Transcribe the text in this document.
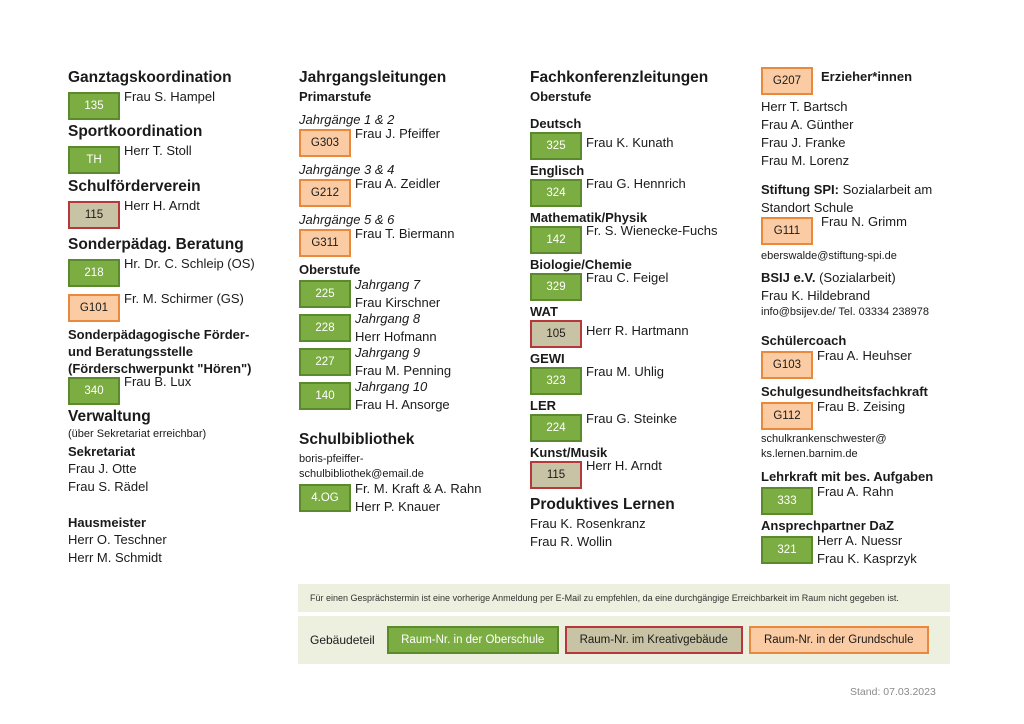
Ganztagskoordination
135
Frau S. Hampel
Sportkoordination
TH
Herr T. Stoll
Schulförderverein
115
Herr H. Arndt
Sonderpädag. Beratung
218
Hr. Dr. C. Schleip (OS)
G101
Fr. M. Schirmer (GS)
Sonderpädagogische Förder-
und Beratungsstelle
(Förderschwerpunkt "Hören")
340
Frau B. Lux
Verwaltung
(über Sekretariat erreichbar)
Sekretariat
Frau J. Otte
Frau S. Rädel
Hausmeister
Herr O. Teschner
Herr M. Schmidt
Jahrgangsleitungen
Primarstufe
Jahrgänge 1 & 2
G303
Frau J. Pfeiffer
Jahrgänge 3 & 4
G212
Frau A. Zeidler
Jahrgänge 5 & 6
G311
Frau T. Biermann
Oberstufe
225
Jahrgang 7
Frau Kirschner
228
Jahrgang 8
Herr Hofmann
227
Jahrgang 9
Frau M. Penning
140
Jahrgang 10
Frau H. Ansorge
Schulbibliothek
boris-pfeiffer-
schulbibliothek@email.de
4.OG
Fr. M. Kraft & A. Rahn
Herr P. Knauer
Fachkonferenzleitungen
Oberstufe
Deutsch
325	Frau K. Kunath
Englisch
324
Frau G. Hennrich
Mathematik/Physik
142
Fr. S. Wienecke-Fuchs
Biologie/Chemie
329
Frau C. Feigel
WAT
105	Herr R. Hartmann
GEWI
323
Frau M. Uhlig
LER
224
Frau G. Steinke
Kunst/Musik
115
Herr H. Arndt
Produktives Lernen
Frau K. Rosenkranz
Frau R. Wollin
G207	Erzieher*innen
Herr T. Bartsch
Frau A. Günther
Frau J. Franke
Frau M. Lorenz
Stiftung SPI: Sozialarbeit am
Standort Schule
G111
Frau N. Grimm
eberswalde@stiftung-spi.de
BSIJ e.V. (Sozialarbeit)
Frau K. Hildebrand
info@bsijev.de/ Tel. 03334 238978
Schülercoach
G103
Frau A. Heuhser
Schulgesundheitsfachkraft
G112
Frau B. Zeising
schulkrankenschwester@
ks.lernen.barnim.de
Lehrkraft mit bes. Aufgaben
333
Frau A. Rahn
Ansprechpartner DaZ
321
Herr A. Nuessr
Frau K. Kasprzyk
Für einen Gesprächstermin ist eine vorherige Anmeldung per E-Mail zu empfehlen, da eine durchgängige Erreichbarkeit im Raum nicht gegeben ist.
Gebäudeteil	Raum-Nr. in der Oberschule	Raum-Nr. im Kreativgebäude	Raum-Nr. in der Grundschule
Stand: 07.03.2023
